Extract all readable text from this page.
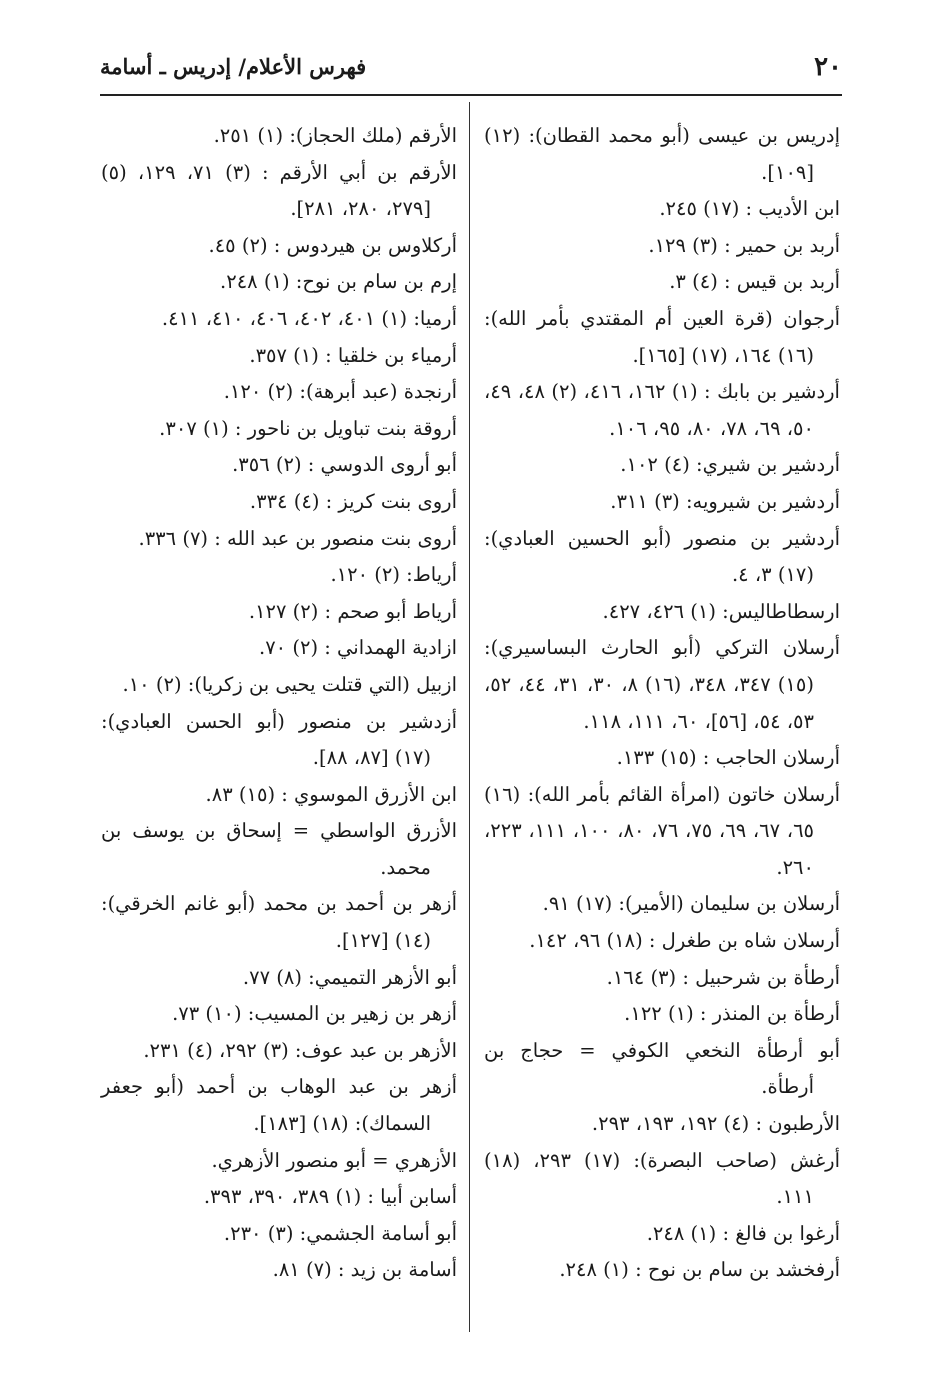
٢٠
فهرس الأعلام/ إدريس ـ أسامة

إدريس بن عيسى (أبو محمد القطان): (١٢) [١٠٩].

ابن الأديب : (١٧) ٢٤٥.

أربد بن حمير : (٣) ١٢٩.

أربد بن قيس : (٤) ٣.

أرجوان (قرة العين أم المقتدي بأمر الله): (١٦) ١٦٤، (١٧) [١٦٥].

أردشير بن بابك : (١) ١٦٢، ٤١٦، (٢) ٤٨، ٤٩، ٥٠، ٦٩، ٧٨، ٨٠، ٩٥، ١٠٦.

أردشير بن شيري: (٤) ١٠٢.

أردشير بن شيرويه: (٣) ٣١١.

أردشير بن منصور (أبو الحسين العبادي): (١٧) ٣، ٤.

ارسطاطاليس: (١) ٤٢٦، ٤٢٧.

أرسلان التركي (أبو الحارث البساسيري): (١٥) ٣٤٧، ٣٤٨، (١٦) ٨، ٣٠، ٣١، ٤٤، ٥٢، ٥٣، ٥٤، [٥٦]، ٦٠، ١١١، ١١٨.

أرسلان الحاجب : (١٥) ١٣٣.

أرسلان خاتون (امرأة القائم بأمر الله): (١٦) ٦٥، ٦٧، ٦٩، ٧٥، ٧٦، ٨٠، ١٠٠، ١١١، ٢٢٣، ٢٦٠.

أرسلان بن سليمان (الأمير): (١٧) ٩١.

أرسلان شاه بن طغرل : (١٨) ٩٦، ١٤٢.

أرطأة بن شرحبيل : (٣) ١٦٤.

أرطأة بن المنذر : (١) ١٢٢.

أبو أرطأة النخعي الكوفي = حجاج بن أرطأة.

الأرطبون : (٤) ١٩٢، ١٩٣، ٢٩٣.

أرغش (صاحب البصرة): (١٧) ٢٩٣، (١٨) ١١١.

أرغوا بن فالغ : (١) ٢٤٨.

أرفخشد بن سام بن نوح : (١) ٢٤٨.

الأرقم (ملك الحجاز): (١) ٢٥١.

الأرقم بن أبي الأرقم : (٣) ٧١، ١٢٩، (٥) [٢٧٩، ٢٨٠، ٢٨١].

أركلاوس بن هيردوس : (٢) ٤٥.

إرم بن سام بن نوح: (١) ٢٤٨.

أرميا: (١) ٤٠١، ٤٠٢، ٤٠٦، ٤١٠، ٤١١.

أرمياء بن خلقيا : (١) ٣٥٧.

أرنجدة (عبد أبرهة): (٢) ١٢٠.

أروقة بنت تباويل بن ناحور : (١) ٣٠٧.

أبو أروى الدوسي : (٢) ٣٥٦.

أروى بنت كريز : (٤) ٣٣٤.

أروى بنت منصور بن عبد الله : (٧) ٣٣٦.

أرياط: (٢) ١٢٠.

أرياط أبو صحم : (٢) ١٢٧.

ازادية الهمداني : (٢) ٧٠.

ازبيل (التي قتلت يحيى بن زكريا): (٢) ١٠.

أزدشير بن منصور (أبو الحسن العبادي): (١٧) [٨٧، ٨٨].

ابن الأزرق الموسوي : (١٥) ٨٣.

الأزرق الواسطي = إسحاق بن يوسف بن محمد.

أزهر بن أحمد بن محمد (أبو غانم الخرقي): (١٤) [١٢٧].

أبو الأزهر التميمي: (٨) ٧٧.

أزهر بن زهير بن المسيب: (١٠) ٧٣.

الأزهر بن عبد عوف: (٣) ٢٩٢، (٤) ٢٣١.

أزهر بن عبد الوهاب بن أحمد (أبو جعفر السماك): (١٨) [١٨٣].

الأزهري = أبو منصور الأزهري.

أسابن أبيا : (١) ٣٨٩، ٣٩٠، ٣٩٣.

أبو أسامة الجشمي: (٣) ٢٣٠.

أسامة بن زيد : (٧) ٨١.
